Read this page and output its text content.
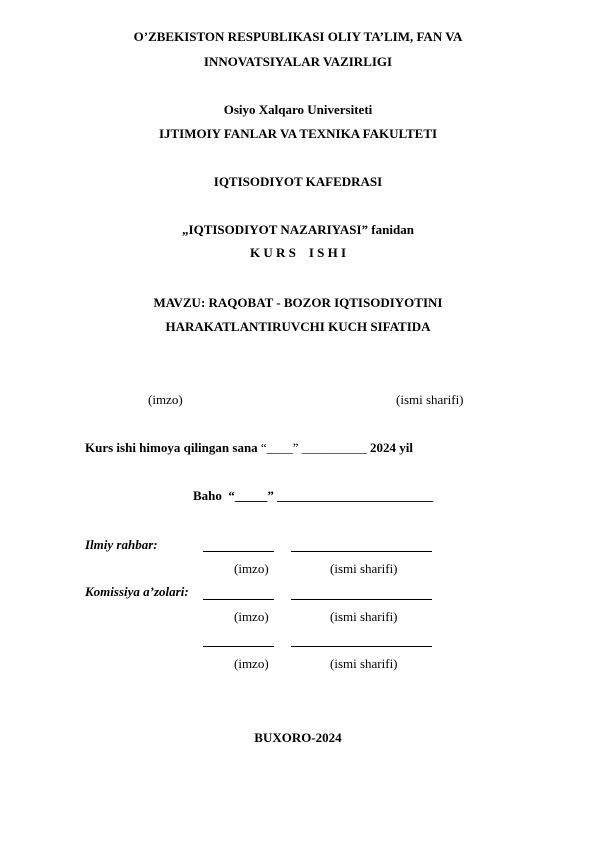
O’ZBEKISTON RESPUBLIKASI OLIY TA’LIM, FAN VA
INNOVATSIYALAR VAZIRLIGI
Osiyo Xalqaro Universiteti
IJTIMOIY FANLAR VA TEXNIKA FAKULTETI
IQTISODIYOT KAFEDRASI
„IQTISODIYOT NAZARIYASI” fanidan
K U R S    I S H I
MAVZU: RAQOBAT - BOZOR IQTISODIYOTINI
HARAKATLANTIRUVCHI KUCH SIFATIDA
(imzo)	(ismi sharifi)
Kurs ishi himoya qilingan sana “____” __________ 2024 yil
Baho “_____” ________________________
Ilmiy rahbar:
(imzo)	(ismi sharifi)
Komissiya a’zolari:
(imzo)	(ismi sharifi)
(imzo)	(ismi sharifi)
BUXORO-2024
